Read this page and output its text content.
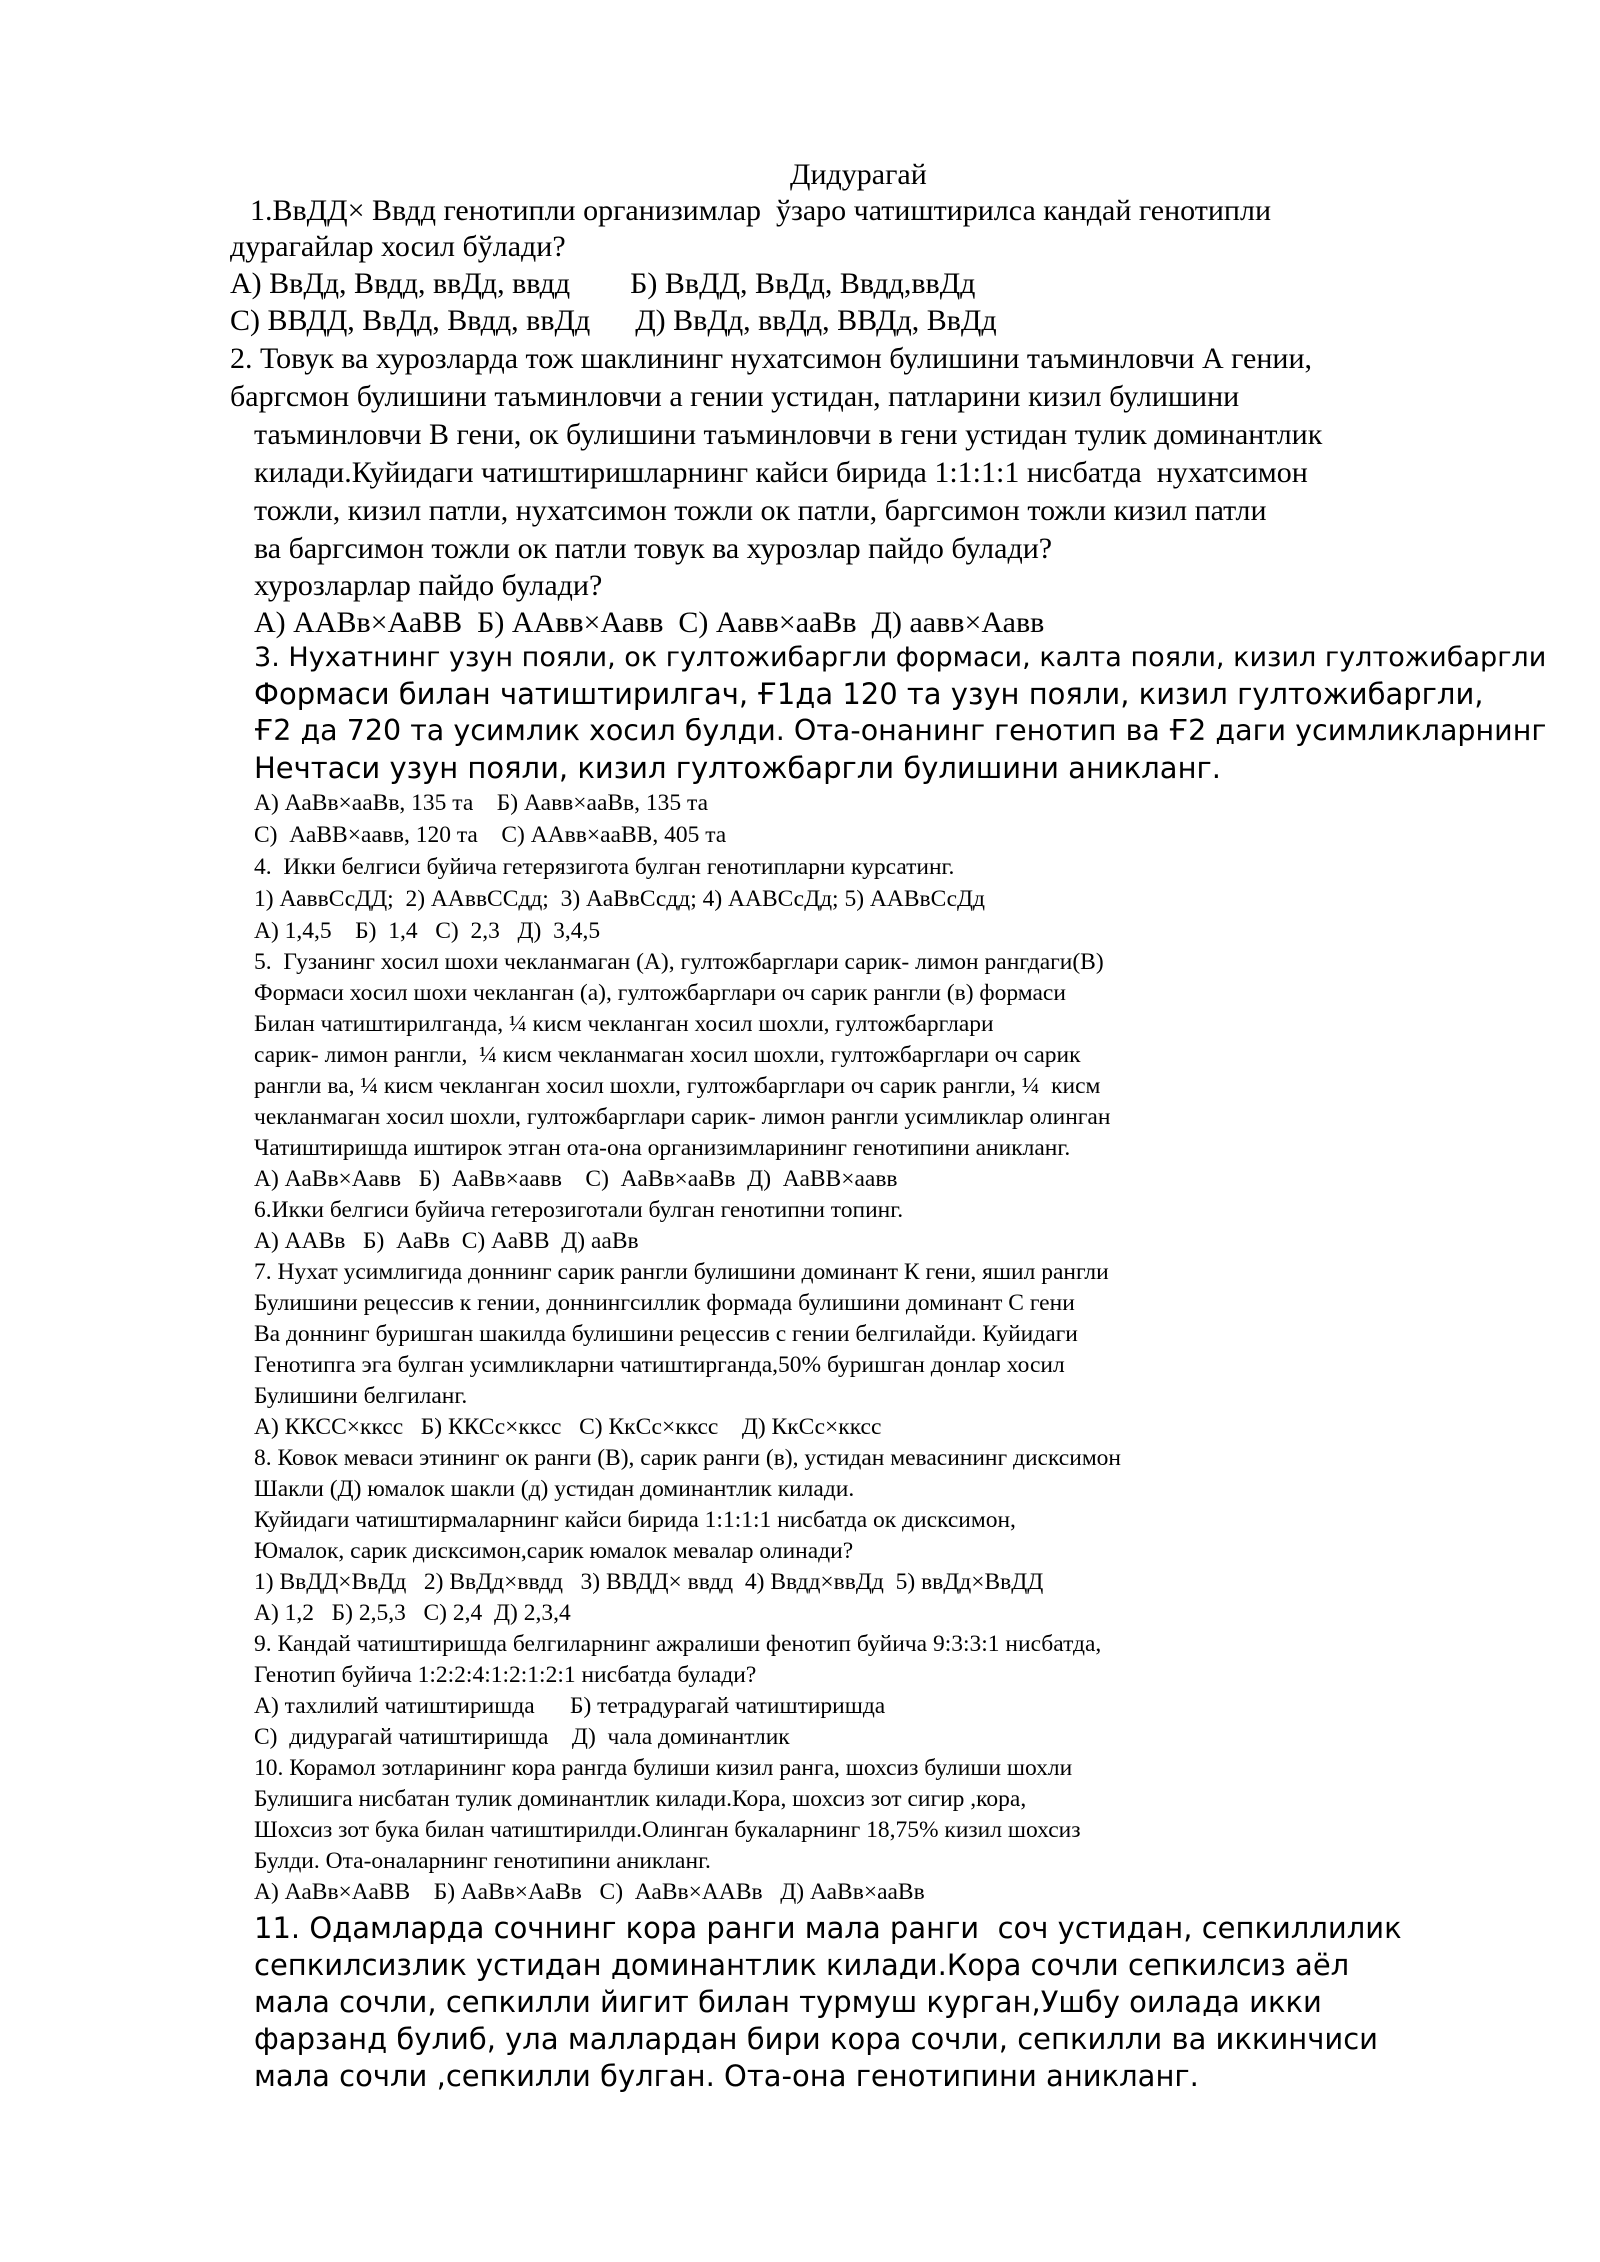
Дидурагай

1.ВвДД× Ввдд генотипли организимлар  ўзаро чатиштирилса кандай генотипли

дурагайлар хосил бўлади?

А) ВвДд, Ввдд, ввДд, ввдд        Б) ВвДД, ВвДд, Ввдд,ввДд

С) ВВДД, ВвДд, Ввдд, ввДд      Д) ВвДд, ввДд, ВВДд, ВвДд

2. Товук ва хурозларда тож шаклининг нухатсимон булишини таъминловчи А гении,

баргсмон булишини таъминловчи а гении устидан, патларини кизил булишини

таъминловчи В гени, ок булишини таъминловчи в гени устидан тулик доминантлик

килади.Куйидаги чатиштиришларнинг кайси бирида 1:1:1:1 нисбатда  нухатсимон

тожли, кизил патли, нухатсимон тожли ок патли, баргсимон тожли кизил патли

ва баргсимон тожли ок патли товук ва хурозлар пайдо булади?

хурозларлар пайдо булади?

А) ААВв×АаВВ  Б) ААвв×Аавв  С) Аавв×ааВв  Д) аавв×Аавв

3. Нухатнинг узун пояли, ок гултожибаргли формаси, калта пояли, кизил гултожибаргли

Формаси билан чатиштирилгач, Ғ1да 120 та узун пояли, кизил гултожибаргли,

Ғ2 да 720 та усимлик хосил булди. Ота-онанинг генотип ва Ғ2 даги усимликларнинг

Нечтаси узун пояли, кизил гултожбаргли булишини аникланг.

А) АаВв×ааВв, 135 та    Б) Аавв×ааВв, 135 та

С)  АаВВ×аавв, 120 та    С) ААвв×ааВВ, 405 та

4.  Икки белгиси буйича гетерязигота булган генотипларни курсатинг.

1) АаввСсДД;  2) ААввССдд;  3) АаВвСсдд; 4) ААВСсДд; 5) ААВвСсДд

А) 1,4,5    Б)  1,4   С)  2,3   Д)  3,4,5

5.  Гузанинг хосил шохи чекланмаган (А), гултожбарглари сарик- лимон рангдаги(В)

Формаси хосил шохи чекланган (а), гултожбарглари оч сарик рангли (в) формаси

Билан чатиштирилганда, ¼ кисм чекланган хосил шохли, гултожбарглари

сарик- лимон рангли,  ¼ кисм чекланмаган хосил шохли, гултожбарглари оч сарик

рангли ва, ¼ кисм чекланган хосил шохли, гултожбарглари оч сарик рангли, ¼  кисм

чекланмаган хосил шохли, гултожбарглари сарик- лимон рангли усимликлар олинган

Чатиштиришда иштирок этган ота-она организимларининг генотипини аникланг.

А) АаВв×Аавв   Б)  АаВв×аавв    С)  АаВв×ааВв  Д)  АаВВ×аавв

6.Икки белгиси буйича гетерозиготали булган генотипни топинг.

А) ААВв   Б)  АаВв  С) АаВВ  Д) ааВв

7. Нухат усимлигида доннинг сарик рангли булишини доминант К гени, яшил рангли

Булишини рецессив к гении, доннингсиллик формада булишини доминант С гени

Ва доннинг буришган шакилда булишини рецессив с гении белгилайди. Куйидаги

Генотипга эга булган усимликларни чатиштирганда,50% буришган донлар хосил

Булишини белгиланг.

А) ККСС×кксс   Б) ККСс×кксс   С) КкСс×кксс    Д) КкСс×кксс

8. Ковок меваси этининг ок ранги (В), сарик ранги (в), устидан мевасининг дисксимон

Шакли (Д) юмалок шакли (д) устидан доминантлик килади.

Куйидаги чатиштирмаларнинг кайси бирида 1:1:1:1 нисбатда ок дисксимон,

Юмалок, сарик дисксимон,сарик юмалок мевалар олинади?

1) ВвДД×ВвДд   2) ВвДд×ввдд   3) ВВДД× ввдд  4) Ввдд×ввДд  5) ввДд×ВвДД

А) 1,2   Б) 2,5,3   С) 2,4  Д) 2,3,4

9. Кандай чатиштиришда белгиларнинг ажралиши фенотип буйича 9:3:3:1 нисбатда,

Генотип буйича 1:2:2:4:1:2:1:2:1 нисбатда булади?

А) тахлилий чатиштиришда      Б) тетрадурагай чатиштиришда

С)  дидурагай чатиштиришда    Д)  чала доминантлик

10. Корамол зотларининг кора рангда булиши кизил ранга, шохсиз булиши шохли

Булишига нисбатан тулик доминантлик килади.Кора, шохсиз зот сигир ,кора,

Шохсиз зот бука билан чатиштирилди.Олинган букаларнинг 18,75% кизил шохсиз

Булди. Ота-оналарнинг генотипини аникланг.

А) АаВв×АаВВ    Б) АаВв×АаВв   С)  АаВв×ААВв   Д) АаВв×ааВв

11. Одамларда сочнинг кора ранги мала ранги  соч устидан, сепкиллилик

сепкилсизлик устидан доминантлик килади.Кора сочли сепкилсиз аёл

мала сочли, сепкилли йигит билан турмуш курган,Ушбу оилада икки

фарзанд булиб, ула маллардан бири кора сочли, сепкилли ва иккинчиси

мала сочли ,сепкилли булган. Ота-она генотипини аникланг.
